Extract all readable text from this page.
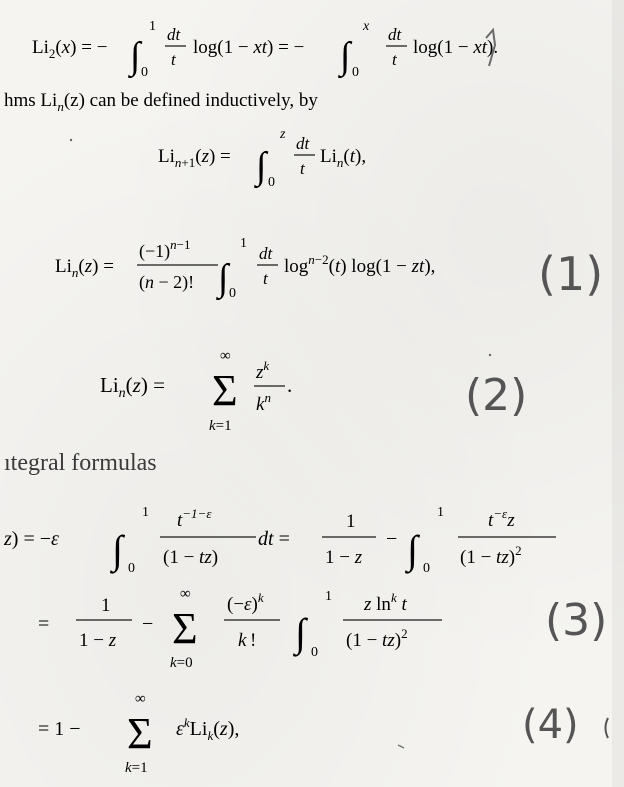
$Li_2(x)$ = − ∫
1
0
dt
t
log(1 − xt) = − ∫
x
0
dt
t
log(1 − xt).
hms $Li_n(z)$ can be defined inductively, by
$Li_n+1(z)$ = ∫
z
0
dt
t
$Li_n(t)$,
$Li_n(z)$ =
$(-1)^n-1$
(n − 2)! ∫
1
0
dt
t
$\log^n-2(t) \log(1 - zt)$, (1)
$Li_n(z)$ =
∞
Σ
k=1
$z^k$
$k^n$
.	(2)
ıtegral formulas
z) = −ε ∫
1
0
$t^{-1-}\varepsilon$
(1 − tz)
dt =
1
1 − z
− ∫
1
0
$t^{-\varepsilon}z$
(1 − tz)$^2$
=
1
1 − z
−
∞
Σ
k=0
$(-\varepsilon)^k$
k ! ∫
1
0
z $\ln^k t$
(1 − tz)$^2$	(3)
= 1 −
∞
Σ
k=1
$\varepsilon^kLi_k(z)$,	(4)
